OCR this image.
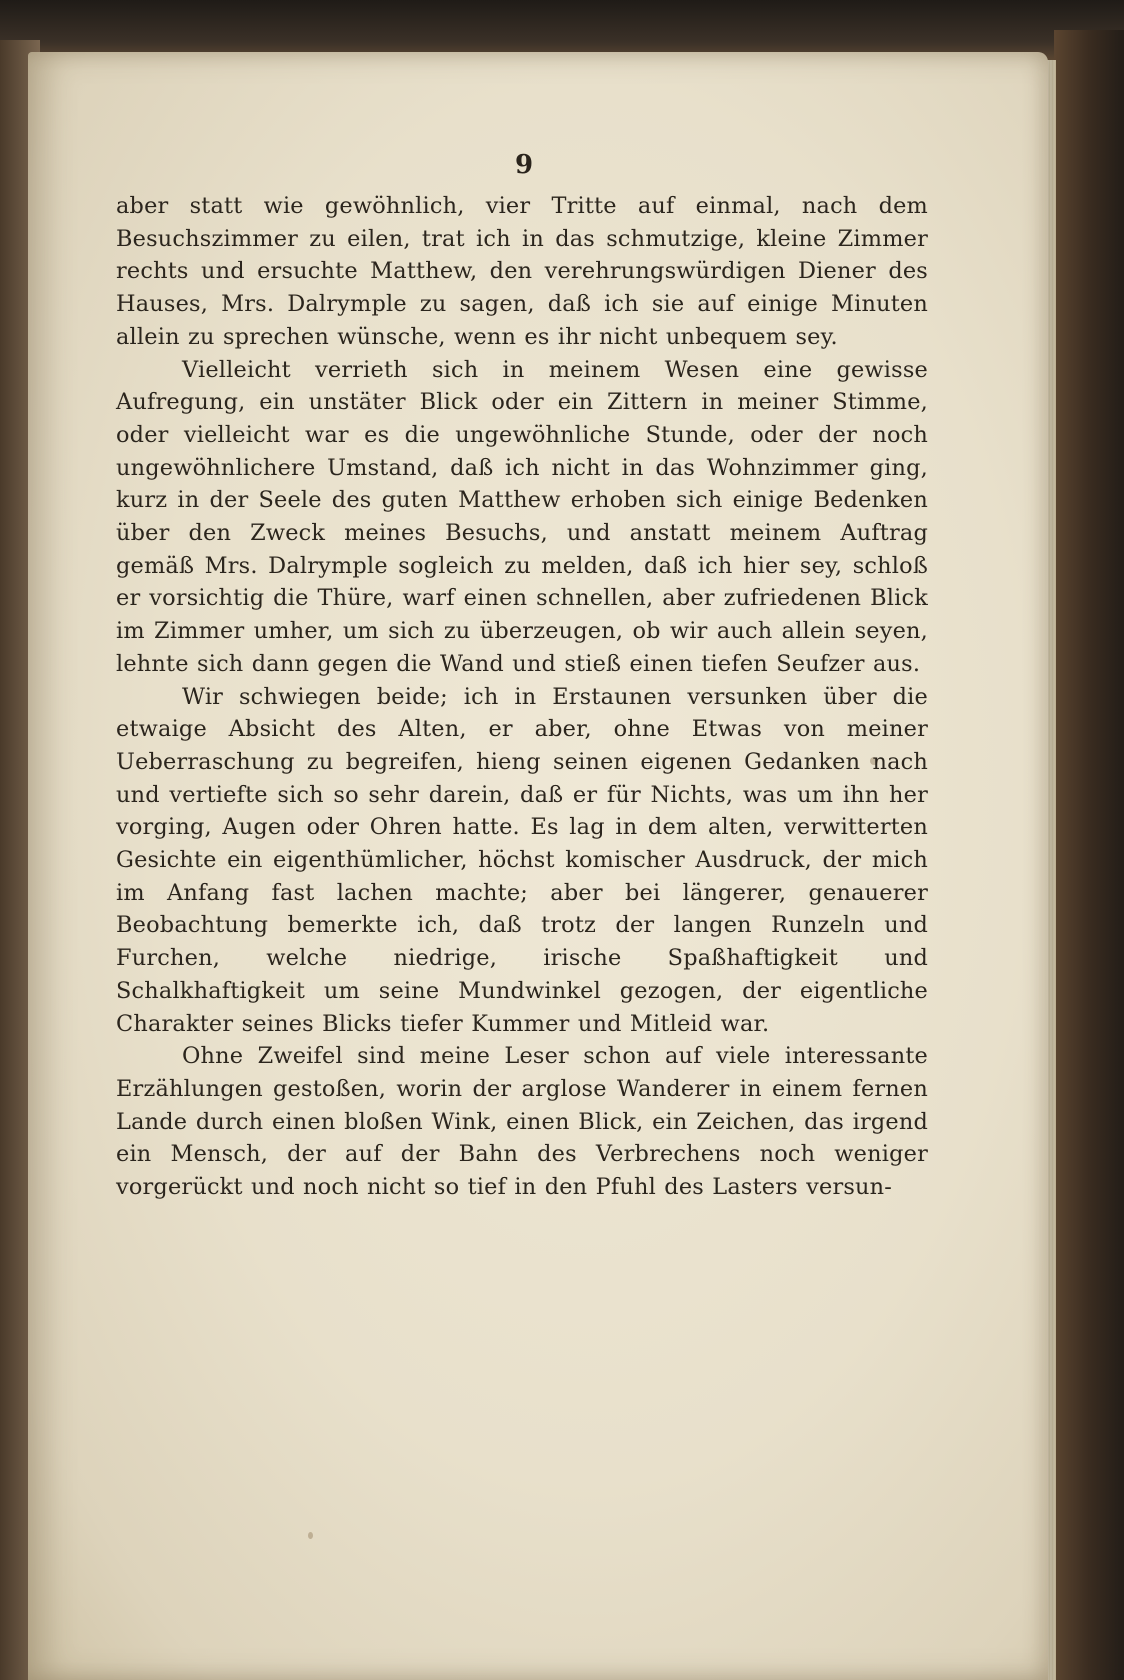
9

aber statt wie gewöhnlich, vier Tritte auf einmal, nach dem Besuchszimmer zu eilen, trat ich in das schmutzige, kleine Zimmer rechts und ersuchte Matthew, den verehrungswürdigen Diener des Hauses, Mrs. Dalrymple zu sagen, daß ich sie auf einige Minuten allein zu sprechen wünsche, wenn es ihr nicht unbequem sey.

Vielleicht verrieth sich in meinem Wesen eine gewisse Aufregung, ein unstäter Blick oder ein Zittern in meiner Stimme, oder vielleicht war es die ungewöhnliche Stunde, oder der noch ungewöhnlichere Umstand, daß ich nicht in das Wohnzimmer ging, kurz in der Seele des guten Matthew erhoben sich einige Bedenken über den Zweck meines Besuchs, und anstatt meinem Auftrag gemäß Mrs. Dalrymple sogleich zu melden, daß ich hier sey, schloß er vorsichtig die Thüre, warf einen schnellen, aber zufriedenen Blick im Zimmer umher, um sich zu überzeugen, ob wir auch allein seyen, lehnte sich dann gegen die Wand und stieß einen tiefen Seufzer aus.

Wir schwiegen beide; ich in Erstaunen versunken über die etwaige Absicht des Alten, er aber, ohne Etwas von meiner Ueberraschung zu begreifen, hieng seinen eigenen Gedanken nach und vertiefte sich so sehr darein, daß er für Nichts, was um ihn her vorging, Augen oder Ohren hatte. Es lag in dem alten, verwitterten Gesichte ein eigenthümlicher, höchst komischer Ausdruck, der mich im Anfang fast lachen machte; aber bei längerer, genauerer Beobachtung bemerkte ich, daß trotz der langen Runzeln und Furchen, welche niedrige, irische Spaßhaftigkeit und Schalkhaftigkeit um seine Mundwinkel gezogen, der eigentliche Charakter seines Blicks tiefer Kummer und Mitleid war.

Ohne Zweifel sind meine Leser schon auf viele interessante Erzählungen gestoßen, worin der arglose Wanderer in einem fernen Lande durch einen bloßen Wink, einen Blick, ein Zeichen, das irgend ein Mensch, der auf der Bahn des Verbrechens noch weniger vorgerückt und noch nicht so tief in den Pfuhl des Lasters versun-
